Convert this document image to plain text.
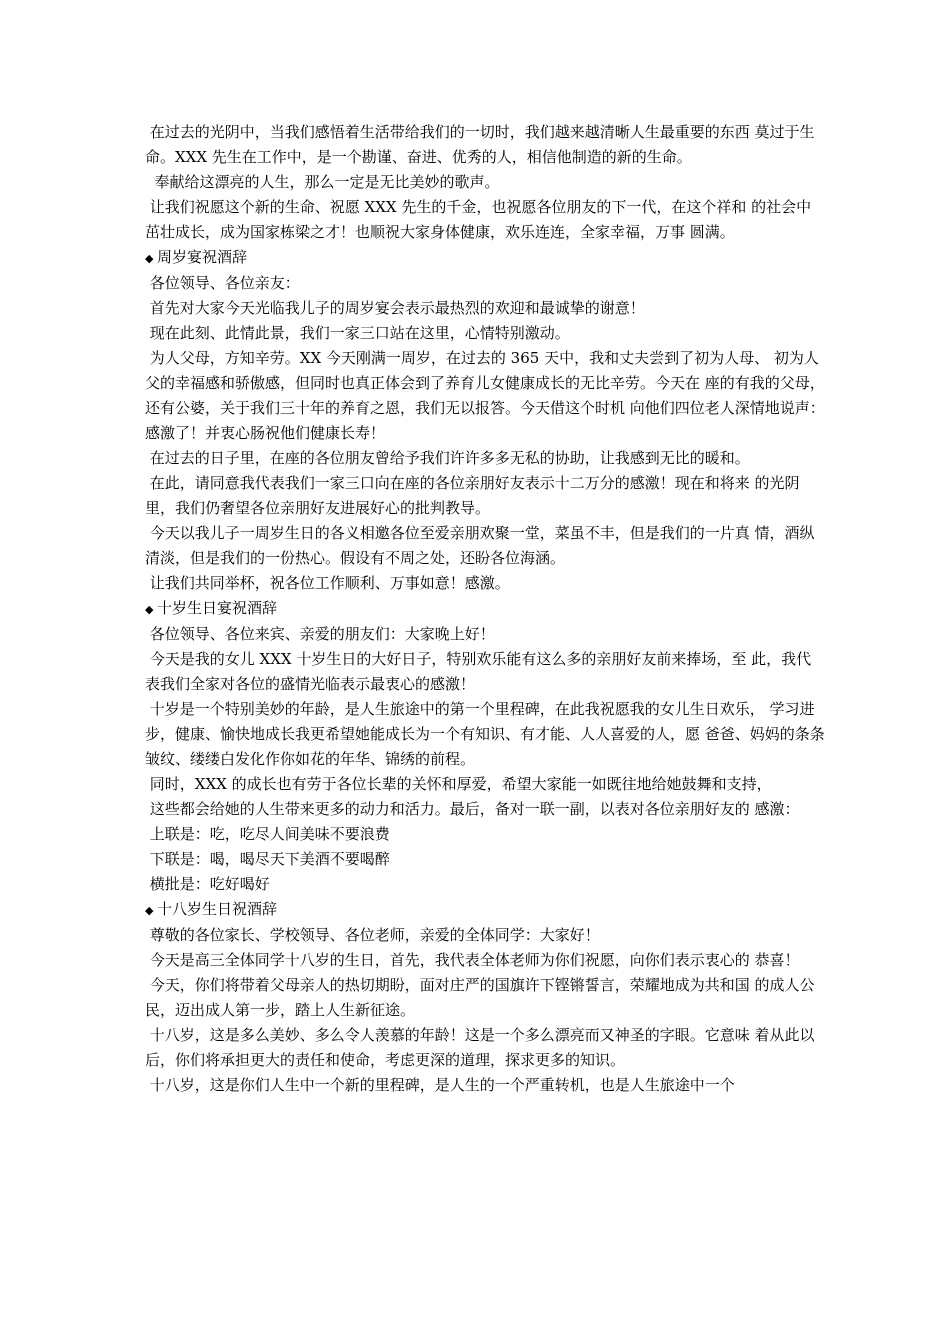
在过去的光阴中，当我们感悟着生活带给我们的一切时，我们越来越清晰人生最重要的东西 莫过于生命。XXX 先生在工作中，是一个勘谨、奋进、优秀的人，相信他制造的新的生命。
奉献给这漂亮的人生，那么一定是无比美妙的歌声。
让我们祝愿这个新的生命、祝愿 XXX 先生的千金，也祝愿各位朋友的下一代，在这个祥和 的社会中茁壮成长，成为国家栋梁之才！也顺祝大家身体健康，欢乐连连，全家幸福，万事 圆满。
◆ 周岁宴祝酒辞
各位领导、各位亲友：
首先对大家今天光临我儿子的周岁宴会表示最热烈的欢迎和最诚挚的谢意！
现在此刻、此情此景，我们一家三口站在这里，心情特别激动。
为人父母，方知辛劳。XX 今天刚满一周岁，在过去的 365 天中，我和丈夫尝到了初为人母、 初为人父的幸福感和骄傲感，但同时也真正体会到了养育儿女健康成长的无比辛劳。今天在 座的有我的父母，还有公婆，关于我们三十年的养育之恩，我们无以报答。今天借这个时机 向他们四位老人深情地说声：感激了！并衷心肠祝他们健康长寿！
在过去的日子里，在座的各位朋友曾给予我们许许多多无私的协助，让我感到无比的暖和。
在此，请同意我代表我们一家三口向在座的各位亲朋好友表示十二万分的感激！现在和将来 的光阴里，我们仍奢望各位亲朋好友进展好心的批判教导。
今天以我儿子一周岁生日的各义相邀各位至爱亲朋欢聚一堂，菜虽不丰，但是我们的一片真 情，酒纵清淡，但是我们的一份热心。假设有不周之处，还盼各位海涵。
让我们共同举杯，祝各位工作顺利、万事如意！感激。
◆ 十岁生日宴祝酒辞
各位领导、各位来宾、亲爱的朋友们：大家晚上好！
今天是我的女儿 XXX 十岁生日的大好日子，特别欢乐能有这么多的亲朋好友前来捧场，至 此，我代表我们全家对各位的盛情光临表示最衷心的感激！
十岁是一个特别美妙的年龄，是人生旅途中的第一个里程碑，在此我祝愿我的女儿生日欢乐， 学习进步，健康、愉快地成长我更希望她能成长为一个有知识、有才能、人人喜爱的人，愿 爸爸、妈妈的条条皱纹、缕缕白发化作你如花的年华、锦绣的前程。
同时，XXX 的成长也有劳于各位长辈的关怀和厚爱，希望大家能一如既往地给她鼓舞和支持，
这些都会给她的人生带来更多的动力和活力。最后，备对一联一副，以表对各位亲朋好友的 感激：
上联是：吃，吃尽人间美味不要浪费
下联是：喝，喝尽天下美酒不要喝醉
横批是：吃好喝好
◆ 十八岁生日祝酒辞
尊敬的各位家长、学校领导、各位老师，亲爱的全体同学：大家好！
今天是高三全体同学十八岁的生日，首先，我代表全体老师为你们祝愿，向你们表示衷心的 恭喜！
今天，你们将带着父母亲人的热切期盼，面对庄严的国旗许下铿锵誓言，荣耀地成为共和国 的成人公民，迈出成人第一步，踏上人生新征途。
十八岁，这是多么美妙、多么令人羡慕的年龄！这是一个多么漂亮而又神圣的字眼。它意味 着从此以后，你们将承担更大的责任和使命，考虑更深的道理，探求更多的知识。
十八岁，这是你们人生中一个新的里程碑，是人生的一个严重转机，也是人生旅途中一个
